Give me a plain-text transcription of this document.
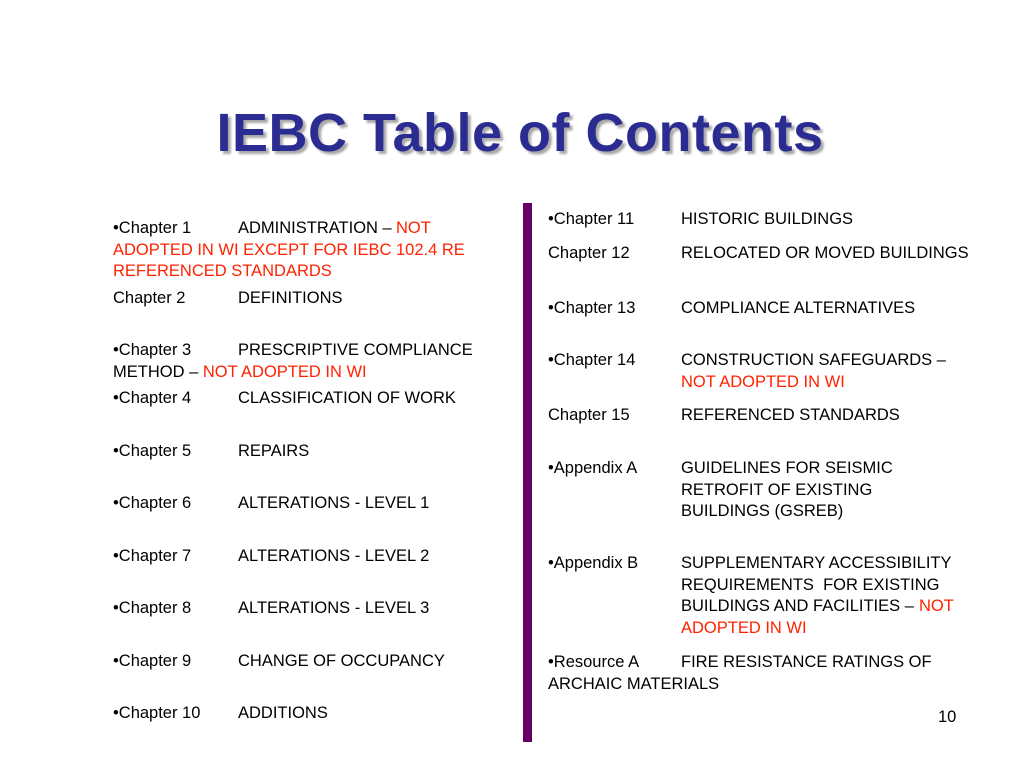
IEBC Table of Contents
•Chapter 1	ADMINISTRATION – NOT
ADOPTED IN WI EXCEPT FOR IEBC 102.4 RE
REFERENCED STANDARDS
Chapter 2	DEFINITIONS
•Chapter 3	PRESCRIPTIVE COMPLIANCE
METHOD – NOT ADOPTED IN WI
•Chapter 4	CLASSIFICATION OF WORK
•Chapter 5	REPAIRS
•Chapter 6	ALTERATIONS - LEVEL 1
•Chapter 7	ALTERATIONS - LEVEL 2
•Chapter 8	ALTERATIONS - LEVEL 3
•Chapter 9	CHANGE OF OCCUPANCY
•Chapter 10 ADDITIONS
•Chapter 11	HISTORIC BUILDINGS
Chapter 12	RELOCATED OR MOVED BUILDINGS
•Chapter 13	COMPLIANCE ALTERNATIVES
•Chapter 14	CONSTRUCTION SAFEGUARDS –
NOT ADOPTED IN WI
Chapter 15	REFERENCED STANDARDS
•Appendix A	GUIDELINES FOR SEISMIC
RETROFIT OF EXISTING
BUILDINGS (GSREB)
•Appendix B	SUPPLEMENTARY ACCESSIBILITY
REQUIREMENTS  FOR EXISTING
BUILDINGS AND FACILITIES – NOT
ADOPTED IN WI
•Resource A	FIRE RESISTANCE RATINGS OF
ARCHAIC MATERIALS
10
